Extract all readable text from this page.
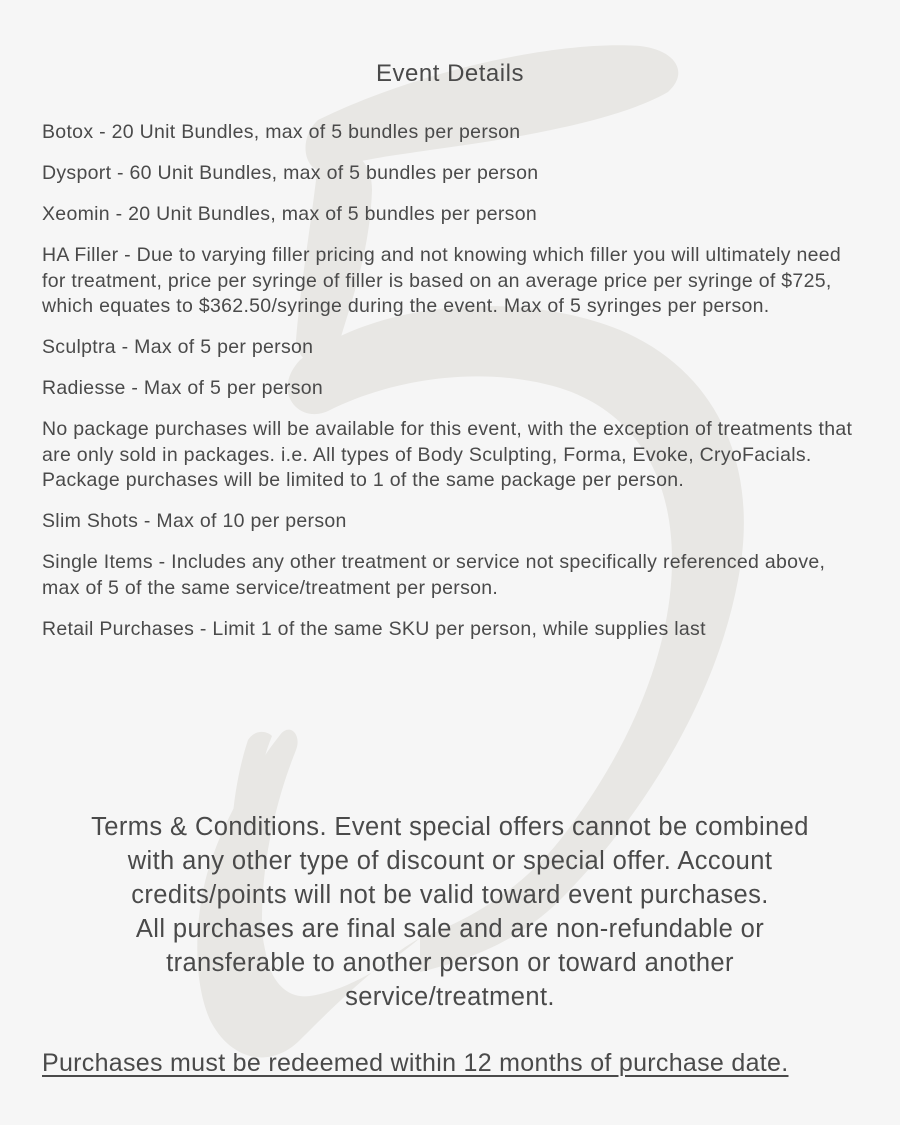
Event Details
Botox - 20 Unit Bundles, max of 5 bundles per person
Dysport - 60 Unit Bundles, max of 5 bundles per person
Xeomin - 20 Unit Bundles, max of 5 bundles per person
HA Filler - Due to varying filler pricing and not knowing which filler you will ultimately need for treatment, price per syringe of filler is based on an average price per syringe of $725, which equates to $362.50/syringe during the event. Max of 5 syringes per person.
Sculptra - Max of 5 per person
Radiesse - Max of 5 per person
No package purchases will be available for this event, with the exception of treatments that are only sold in packages. i.e. All types of Body Sculpting, Forma, Evoke, CryoFacials. Package purchases will be limited to 1 of the same package per person.
Slim Shots - Max of 10 per person
Single Items - Includes any other treatment or service not specifically referenced above, max of 5 of the same service/treatment per person.
Retail Purchases - Limit 1 of the same SKU per person, while supplies last

Terms & Conditions. Event special offers cannot be combined
with any other type of discount or special offer. Account
credits/points will not be valid toward event purchases.
All purchases are final sale and are non-refundable or
transferable to another person or toward another
service/treatment.

Purchases must be redeemed within 12 months of purchase date.
